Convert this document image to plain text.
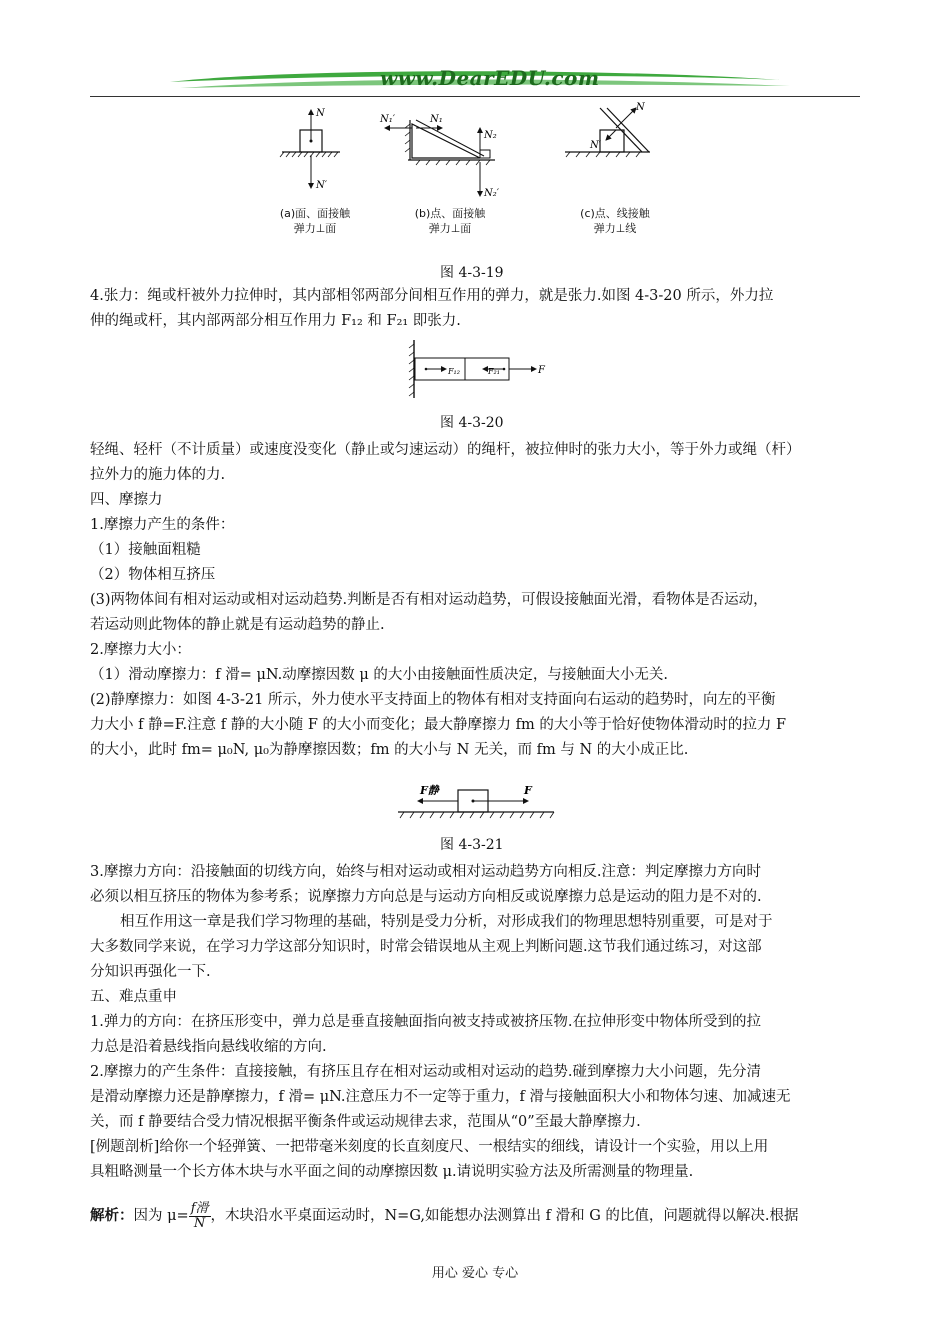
www.DearEDU.com
N
N′
N₁′	N₁
N₂
N₂′
N
N′
(a)面、面接触
弹力⊥面
(b)点、面接触
弹力⊥面
(c)点、线接触
弹力⊥线
图 4-3-19

4.张力：绳或杆被外力拉伸时，其内部相邻两部分间相互作用的弹力，就是张力.如图 4-3-20 所示，外力拉

伸的绳或杆，其内部两部分相互作用力 F₁₂ 和 F₂₁ 即张力.

F₁₂	F₂₁	F
图 4-3-20

轻绳、轻杆（不计质量）或速度没变化（静止或匀速运动）的绳杆，被拉伸时的张力大小，等于外力或绳（杆）

拉外力的施力体的力.

四、摩擦力

1.摩擦力产生的条件：

（1）接触面粗糙

（2）物体相互挤压

(3)两物体间有相对运动或相对运动趋势.判断是否有相对运动趋势，可假设接触面光滑，看物体是否运动，

若运动则此物体的静止就是有运动趋势的静止.

2.摩擦力大小：

（1）滑动摩擦力：f 滑= μN.动摩擦因数 μ 的大小由接触面性质决定，与接触面大小无关.

(2)静摩擦力：如图 4-3-21 所示，外力使水平支持面上的物体有相对支持面向右运动的趋势时，向左的平衡

力大小 f 静=F.注意 f 静的大小随 F 的大小而变化；最大静摩擦力 fm 的大小等于恰好使物体滑动时的拉力 F

的大小，此时 fm= μ₀N, μ₀为静摩擦因数；fm 的大小与 N 无关，而 fm 与 N 的大小成正比.

F静	F
图 4-3-21

3.摩擦力方向：沿接触面的切线方向，始终与相对运动或相对运动趋势方向相反.注意：判定摩擦力方向时

必须以相互挤压的物体为参考系；说摩擦力方向总是与运动方向相反或说摩擦力总是运动的阻力是不对的.

相互作用这一章是我们学习物理的基础，特别是受力分析，对形成我们的物理思想特别重要，可是对于

大多数同学来说，在学习力学这部分知识时，时常会错误地从主观上判断问题.这节我们通过练习，对这部

分知识再强化一下.

五、难点重申

1.弹力的方向：在挤压形变中，弹力总是垂直接触面指向被支持或被挤压物.在拉伸形变中物体所受到的拉

力总是沿着悬线指向悬线收缩的方向.

2.摩擦力的产生条件：直接接触，有挤压且存在相对运动或相对运动的趋势.碰到摩擦力大小问题，先分清

是滑动摩擦力还是静摩擦力，f 滑= μN.注意压力不一定等于重力，f 滑与接触面积大小和物体匀速、加减速无

关，而 f 静要结合受力情况根据平衡条件或运动规律去求，范围从“0”至最大静摩擦力.

[例题剖析]给你一个轻弹簧、一把带毫米刻度的长直刻度尺、一根结实的细线，请设计一个实验，用以上用

具粗略测量一个长方体木块与水平面之间的动摩擦因数 μ.请说明实验方法及所需测量的物理量.

解析：因为 $\mu= \frac{\text{f滑}}{N}$ ，木块沿水平桌面运动时，N=G,如能想办法测算出 f 滑和 G 的比值，问题就得以解决.根据
用心 爱心 专心
